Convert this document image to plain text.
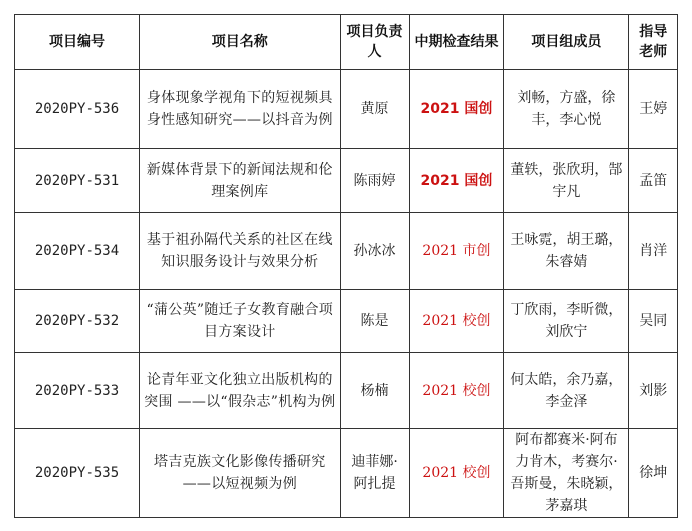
项目编号	项目名称	项目负责人	中期检查结果	项目组成员	指导老师
2020PY-536	身体现象学视角下的短视频具身性感知研究——以抖音为例	黄原	2021 国创	刘畅，方盛，徐丰，李心悦	王婷
2020PY-531	新媒体背景下的新闻法规和伦理案例库	陈雨婷	2021 国创	董轶，张欣玥，郜宇凡	孟笛
2020PY-534	基于祖孙隔代关系的社区在线知识服务设计与效果分析	孙冰冰	2021 市创	王咏霓，胡王璐，朱睿婧	肖洋
2020PY-532	“蒲公英”随迁子女教育融合项目方案设计	陈是	2021 校创	丁欣雨，李昕微，刘欣宁	吴同
2020PY-533	论青年亚文化独立出版机构的突围 ——以“假杂志”机构为例	杨楠	2021 校创	何太皓，余乃嘉，李金泽	刘影
2020PY-535	塔吉克族文化影像传播研究——以短视频为例	迪菲娜·阿扎提	2021 校创	阿布都赛米·阿布力肯木，考赛尔·吾斯曼，朱晓颖，茅嘉琪	徐坤
